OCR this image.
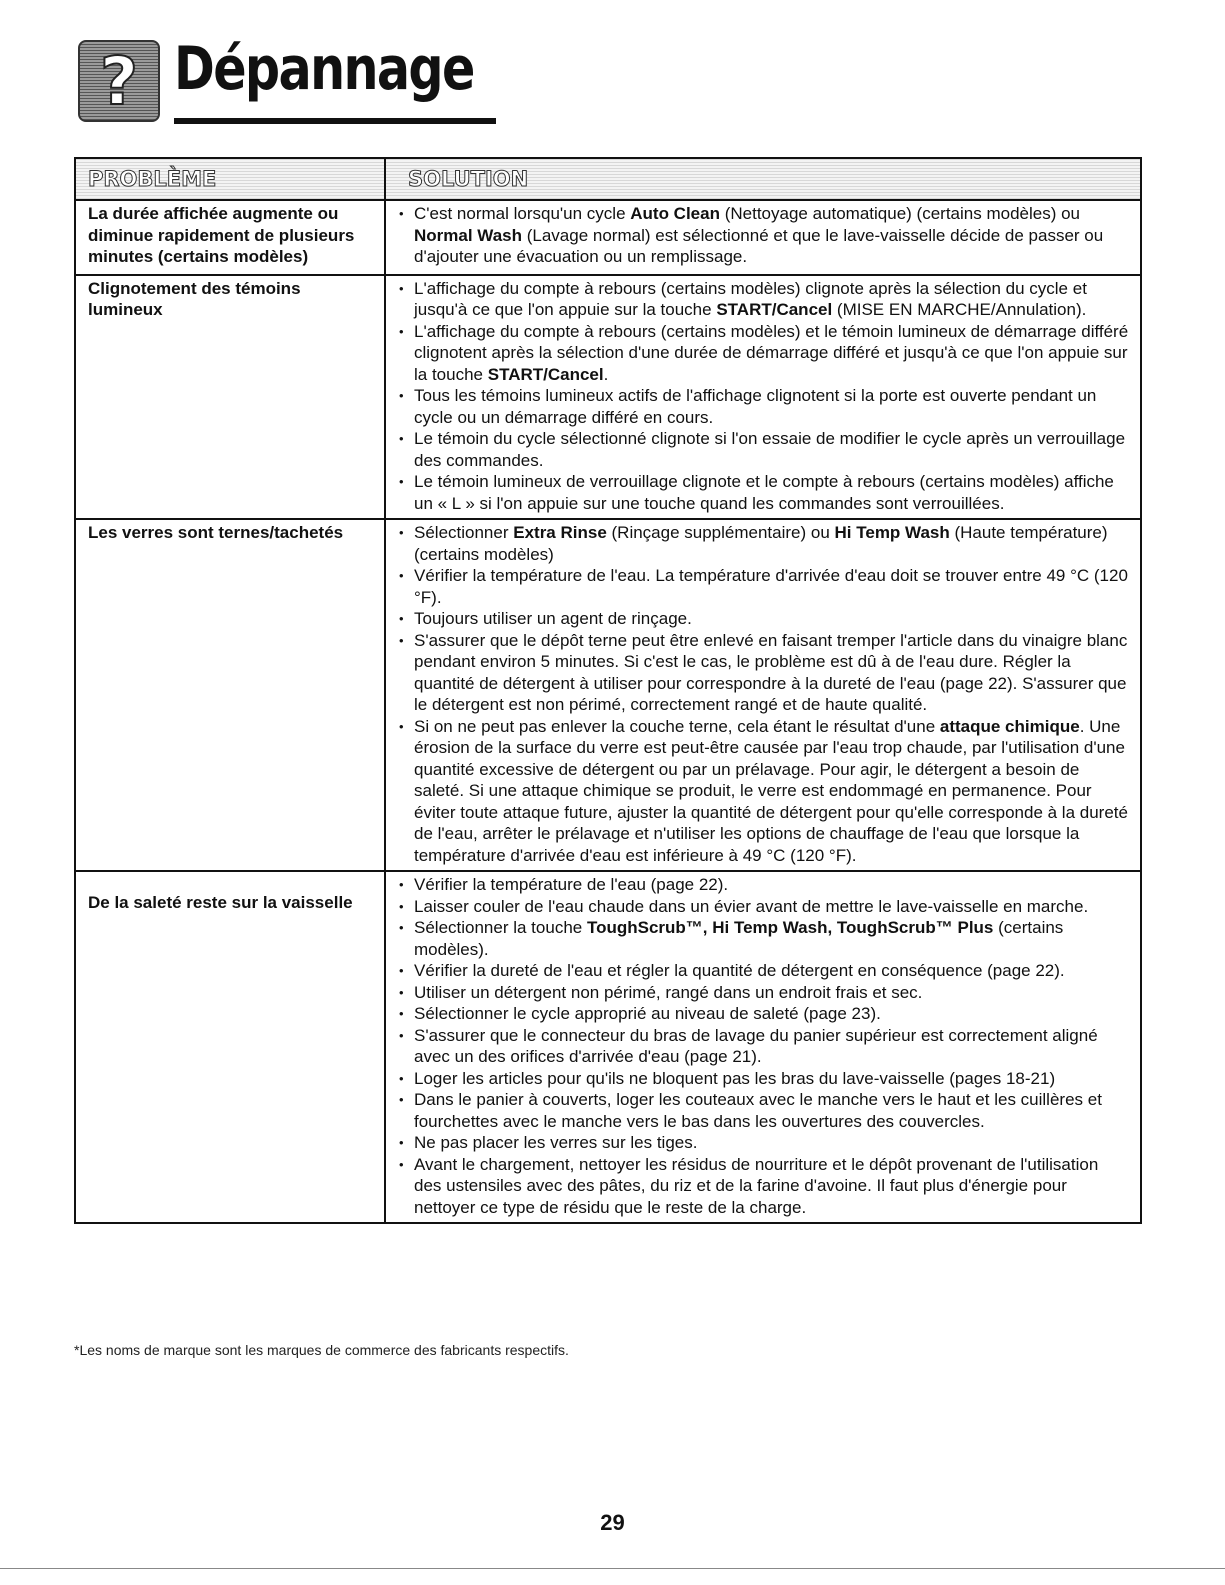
? Dépannage
PROBLÈME	SOLUTION
La durée affichée augmente ou diminue rapidement de plusieurs minutes (certains modèles)
• C'est normal lorsqu'un cycle Auto Clean (Nettoyage automatique) (certains modèles) ou Normal Wash (Lavage normal) est sélectionné et que le lave-vaisselle décide de passer ou d'ajouter une évacuation ou un remplissage.
Clignotement des témoins lumineux
• L'affichage du compte à rebours (certains modèles) clignote après la sélection du cycle et jusqu'à ce que l'on appuie sur la touche START/Cancel (MISE EN MARCHE/Annulation).
• L'affichage du compte à rebours (certains modèles) et le témoin lumineux de démarrage différé clignotent après la sélection d'une durée de démarrage différé et jusqu'à ce que l'on appuie sur la touche START/Cancel.
• Tous les témoins lumineux actifs de l'affichage clignotent si la porte est ouverte pendant un cycle ou un démarrage différé en cours.
• Le témoin du cycle sélectionné clignote si l'on essaie de modifier le cycle après un verrouillage des commandes.
• Le témoin lumineux de verrouillage clignote et le compte à rebours (certains modèles) affiche un « L » si l'on appuie sur une touche quand les commandes sont verrouillées.
Les verres sont ternes/tachetés
•	Sélectionner Extra Rinse (Rinçage supplémentaire) ou Hi Temp Wash (Haute température) (certains modèles)
• Vérifier la température de l'eau. La température d'arrivée d'eau doit se trouver entre 49 °C (120 °F).
• Toujours utiliser un agent de rinçage.
• S'assurer que le dépôt terne peut être enlevé en faisant tremper l'article dans du vinaigre blanc pendant environ 5 minutes. Si c'est le cas, le problème est dû à de l'eau dure. Régler la quantité de détergent à utiliser pour correspondre à la dureté de l'eau (page 22). S'assurer que le détergent est non périmé, correctement rangé et de haute qualité.
• Si on ne peut pas enlever la couche terne, cela étant le résultat d'une attaque chimique. Une érosion de la surface du verre est peut-être causée par l'eau trop chaude, par l'utilisation d'une quantité excessive de détergent ou par un prélavage. Pour agir, le détergent a besoin de saleté. Si une attaque chimique se produit, le verre est endommagé en permanence. Pour éviter toute attaque future, ajuster la quantité de détergent pour qu'elle corresponde à la dureté de l'eau, arrêter le prélavage et n'utiliser les options de chauffage de l'eau que lorsque la température d'arrivée d'eau est inférieure à 49 °C (120 °F).
De la saleté reste sur la vaisselle
• Vérifier la température de l'eau (page 22).
• Laisser couler de l'eau chaude dans un évier avant de mettre le lave-vaisselle en marche.
• Sélectionner la touche ToughScrub™, Hi Temp Wash, ToughScrub™ Plus (certains modèles).
• Vérifier la dureté de l'eau et régler la quantité de détergent en conséquence (page 22).
• Utiliser un détergent non périmé, rangé dans un endroit frais et sec.
• Sélectionner le cycle approprié au niveau de saleté (page 23).
• S'assurer que le connecteur du bras de lavage du panier supérieur est correctement aligné avec un des orifices d'arrivée d'eau (page 21).
• Loger les articles pour qu'ils ne bloquent pas les bras du lave-vaisselle (pages 18-21)
• Dans le panier à couverts, loger les couteaux avec le manche vers le haut et les cuillères et fourchettes avec le manche vers le bas dans les ouvertures des couvercles.
• Ne pas placer les verres sur les tiges.
• Avant le chargement, nettoyer les résidus de nourriture et le dépôt provenant de l'utilisation des ustensiles avec des pâtes, du riz et de la farine d'avoine. Il faut plus d'énergie pour nettoyer ce type de résidu que le reste de la charge.
*Les noms de marque sont les marques de commerce des fabricants respectifs.
29
